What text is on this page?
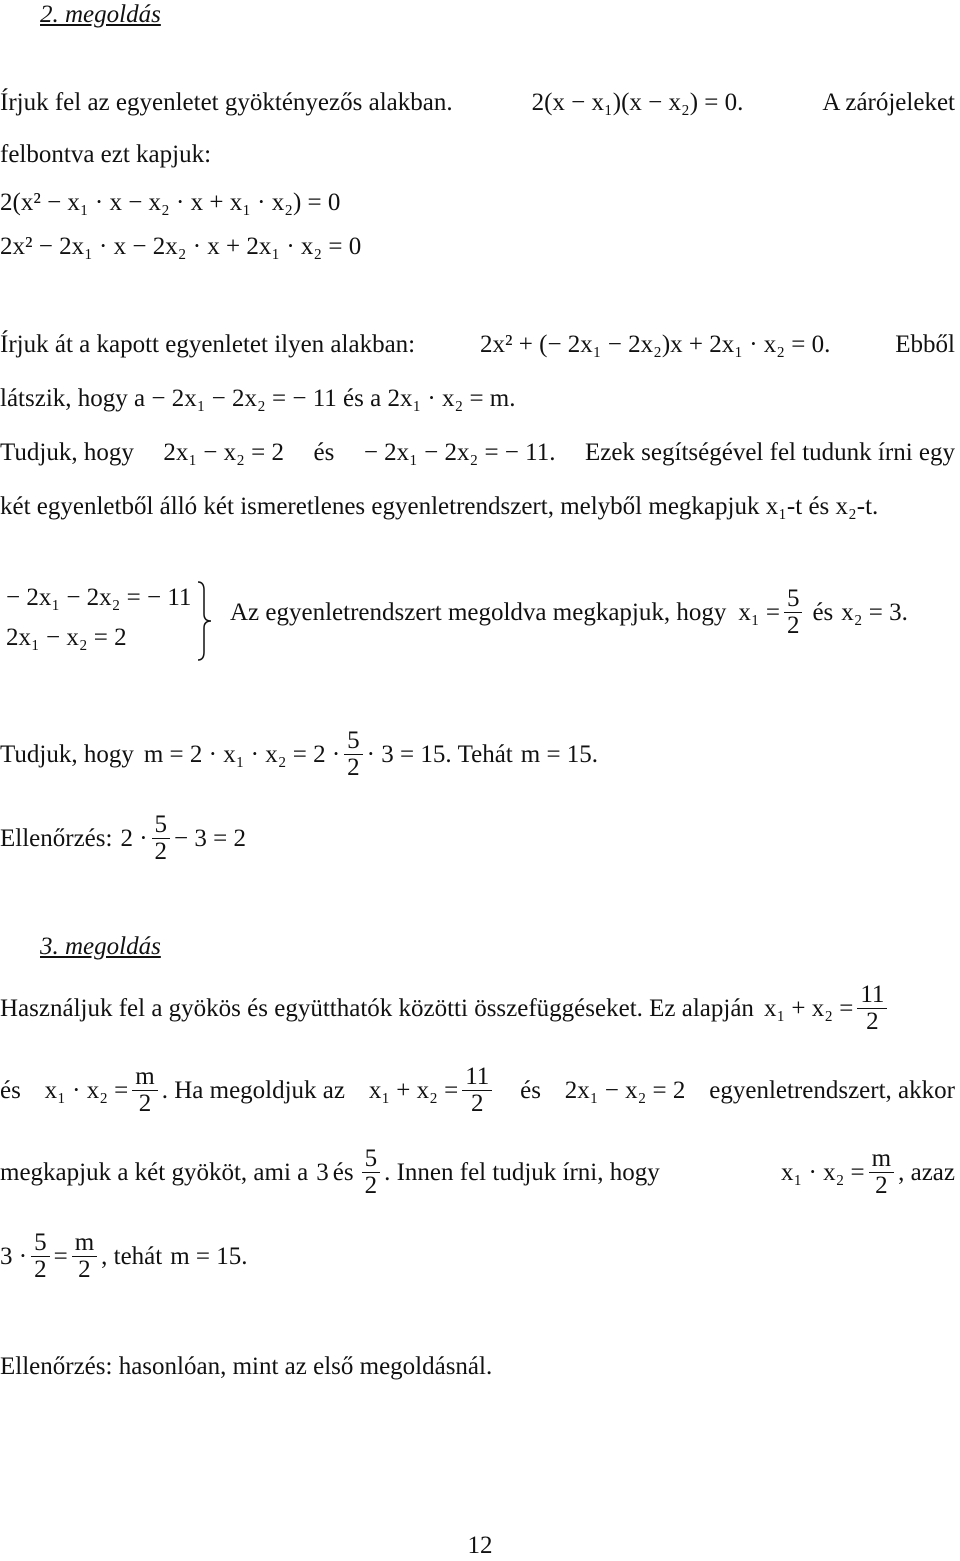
2. megoldás
Írjuk fel az egyenletet gyöktényezős alakban.	2(x − x₁)(x − x₂) = 0.	A zárójeleket
felbontva ezt kapjuk:
2(x² − x₁ · x − x₂ · x + x₁ · x₂) = 0
2x² − 2x₁ · x − 2x₂ · x + 2x₁ · x₂ = 0
Írjuk át a kapott egyenletet ilyen alakban:	2x² + (− 2x₁ − 2x₂)x + 2x₁ · x₂ = 0.	Ebből
látszik, hogy a − 2x₁ − 2x₂ = − 11 és a 2x₁ · x₂ = m.
Tudjuk, hogy 2x₁ − x₂ = 2 és − 2x₁ − 2x₂ = − 11. Ezek segítségével fel tudunk írni egy
két egyenletből álló két ismeretlenes egyenletrendszert, melyből megkapjuk x₁-t és x₂-t.
− 2x₁ − 2x₂ = − 11
2x₁ − x₂ = 2
Az egyenletrendszert megoldva megkapjuk, hogy $x_1 = \frac{5}{2}$ és x₂ = 3.
Tudjuk, hogy $m = 2 \cdot x_1 \cdot x_2 = 2 \cdot \frac{5}{2} \cdot 3 = 15$. Tehát m = 15.
Ellenőrzés: $2 \cdot \frac{5}{2} - 3 = 2$
3. megoldás
Használjuk fel a gyökös és együtthatók közötti összefüggéseket. Ez alapján $x_1 + x_2 = \frac{11}{2}$
és $x_1 \cdot x_2 = \frac{m}{2}$ . Ha megoldjuk az $x_1 + x_2 = \frac{11}{2}$ és 2x₁ − x₂ = 2 egyenletrendszert, akkor
megkapjuk a két gyököt, ami a 3 és $\frac{5}{2}$ . Innen fel tudjuk írni, hogy	$x_1 \cdot x_2 = \frac{m}{2}$ , azaz
$3 \cdot \frac{5}{2} = \frac{m}{2}$ , tehát m = 15.
Ellenőrzés: hasonlóan, mint az első megoldásnál.
12
